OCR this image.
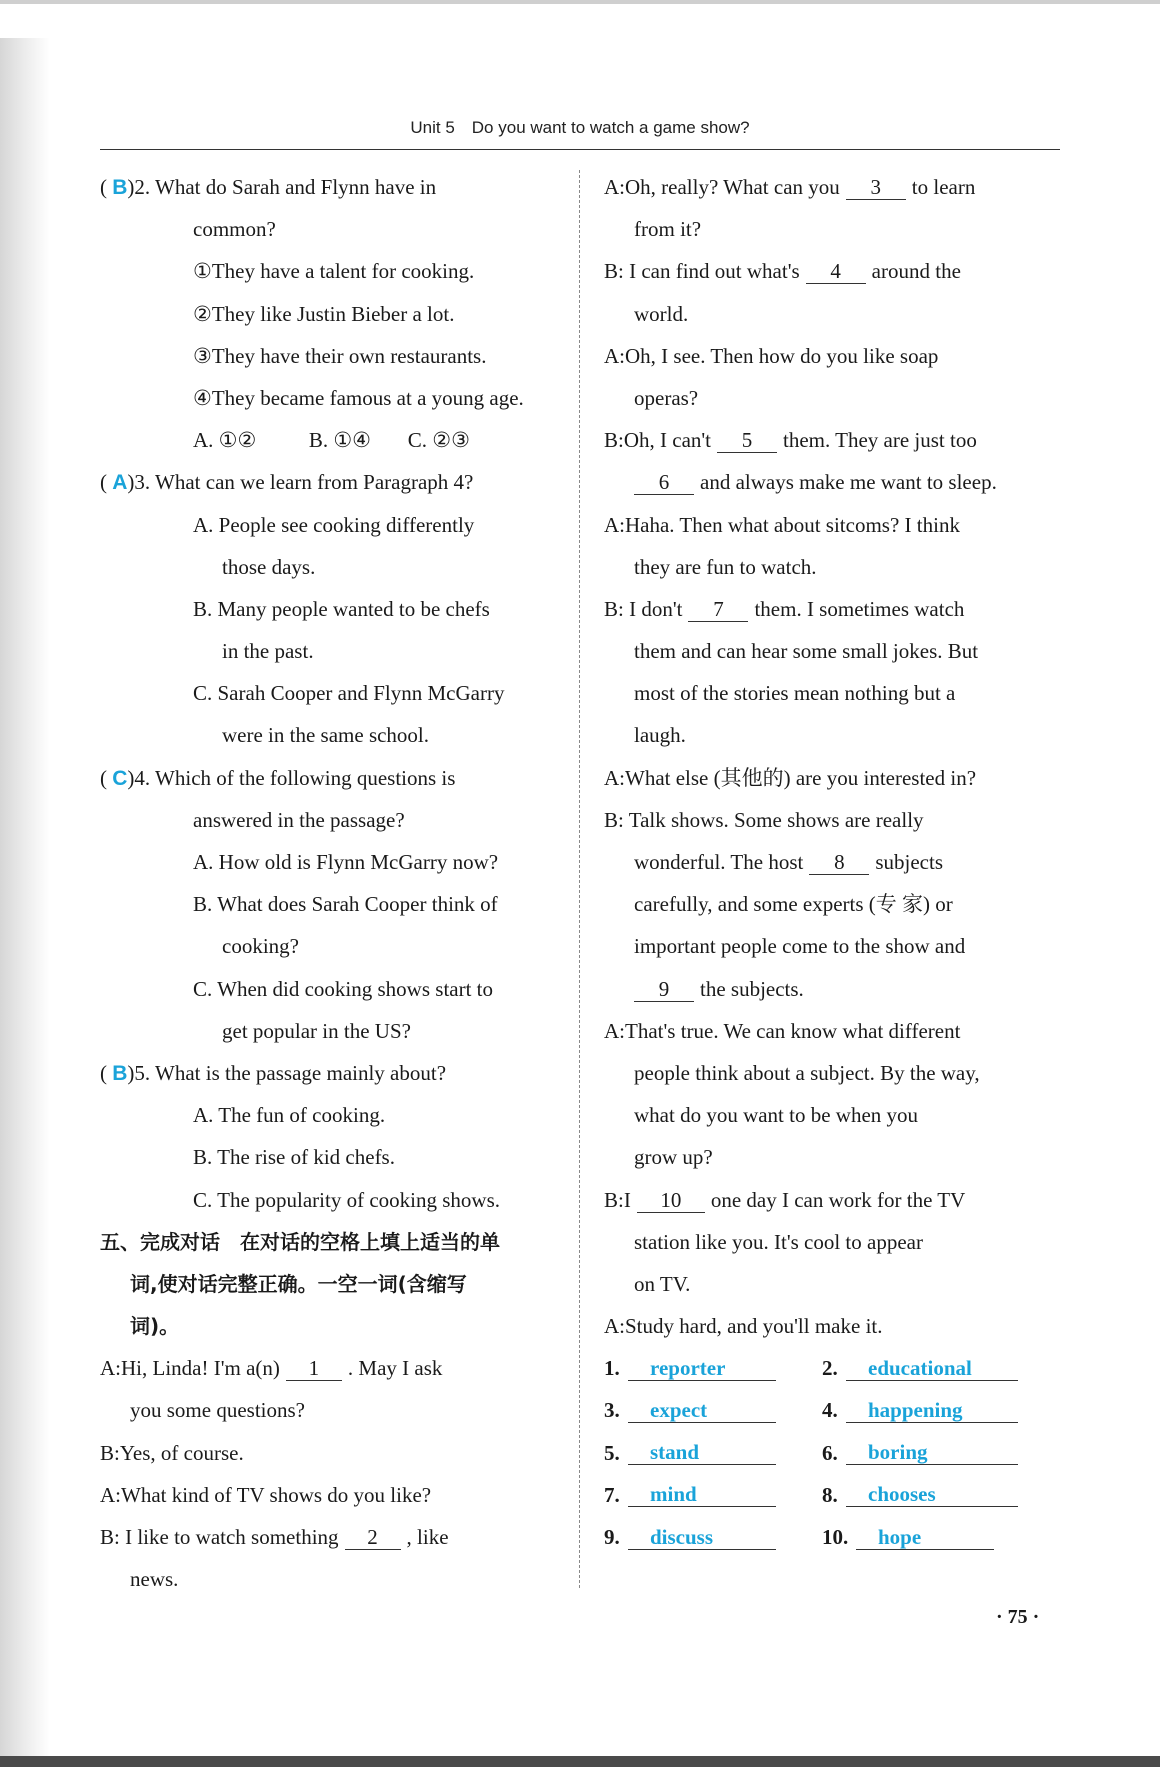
Unit 5 Do you want to watch a game show?
( B)2. What do Sarah and Flynn have in
common?
①They have a talent for cooking.
②They like Justin Bieber a lot.
③They have their own restaurants.
④They became famous at a young age.
A. ①②   	B. ①④   C. ②③
( A)3. What can we learn from Paragraph 4?
A. People see cooking differently
those days.
B. Many people wanted to be chefs
in the past.
C. Sarah Cooper and Flynn McGarry
were in the same school.
( C)4. Which of the following questions is
answered in the passage?
A. How old is Flynn McGarry now?
B. What does Sarah Cooper think of
cooking?
C. When did cooking shows start to
get popular in the US?
( B)5. What is the passage mainly about?
A. The fun of cooking.
B. The rise of kid chefs.
C. The popularity of cooking shows.
五、完成对话 在对话的空格上填上适当的单
词,使对话完整正确。一空一词(含缩写
词)。
A:Hi, Linda! I'm a(n) 1 . May I ask
you some questions?
B:Yes, of course.
A:What kind of TV shows do you like?
B: I like to watch something 2 , like
news.
A:Oh, really? What can you 3 to learn
from it?
B: I can find out what's 4 around the
world.
A:Oh, I see. Then how do you like soap
operas?
B:Oh, I can't 5 them. They are just too
6 and always make me want to sleep.
A:Haha. Then what about sitcoms? I think
they are fun to watch.
B: I don't 7 them. I sometimes watch
them and can hear some small jokes. But
most of the stories mean nothing but a
laugh.
A:What else (其他的) are you interested in?
B: Talk shows. Some shows are really
wonderful. The host 8 subjects
carefully, and some experts (专 家) or
important people come to the show and
9 the subjects.
A:That's true. We can know what different
people think about a subject. By the way,
what do you want to be when you
grow up?
B:I 10 one day I can work for the TV
station like you. It's cool to appear
on TV.
A:Study hard, and you'll make it.
1.	reporter	2.	educational
3.	expect	4.	happening
5.	stand	6.	boring
7.	mind	8.	chooses
9.	discuss	10.	hope
· 75 ·
